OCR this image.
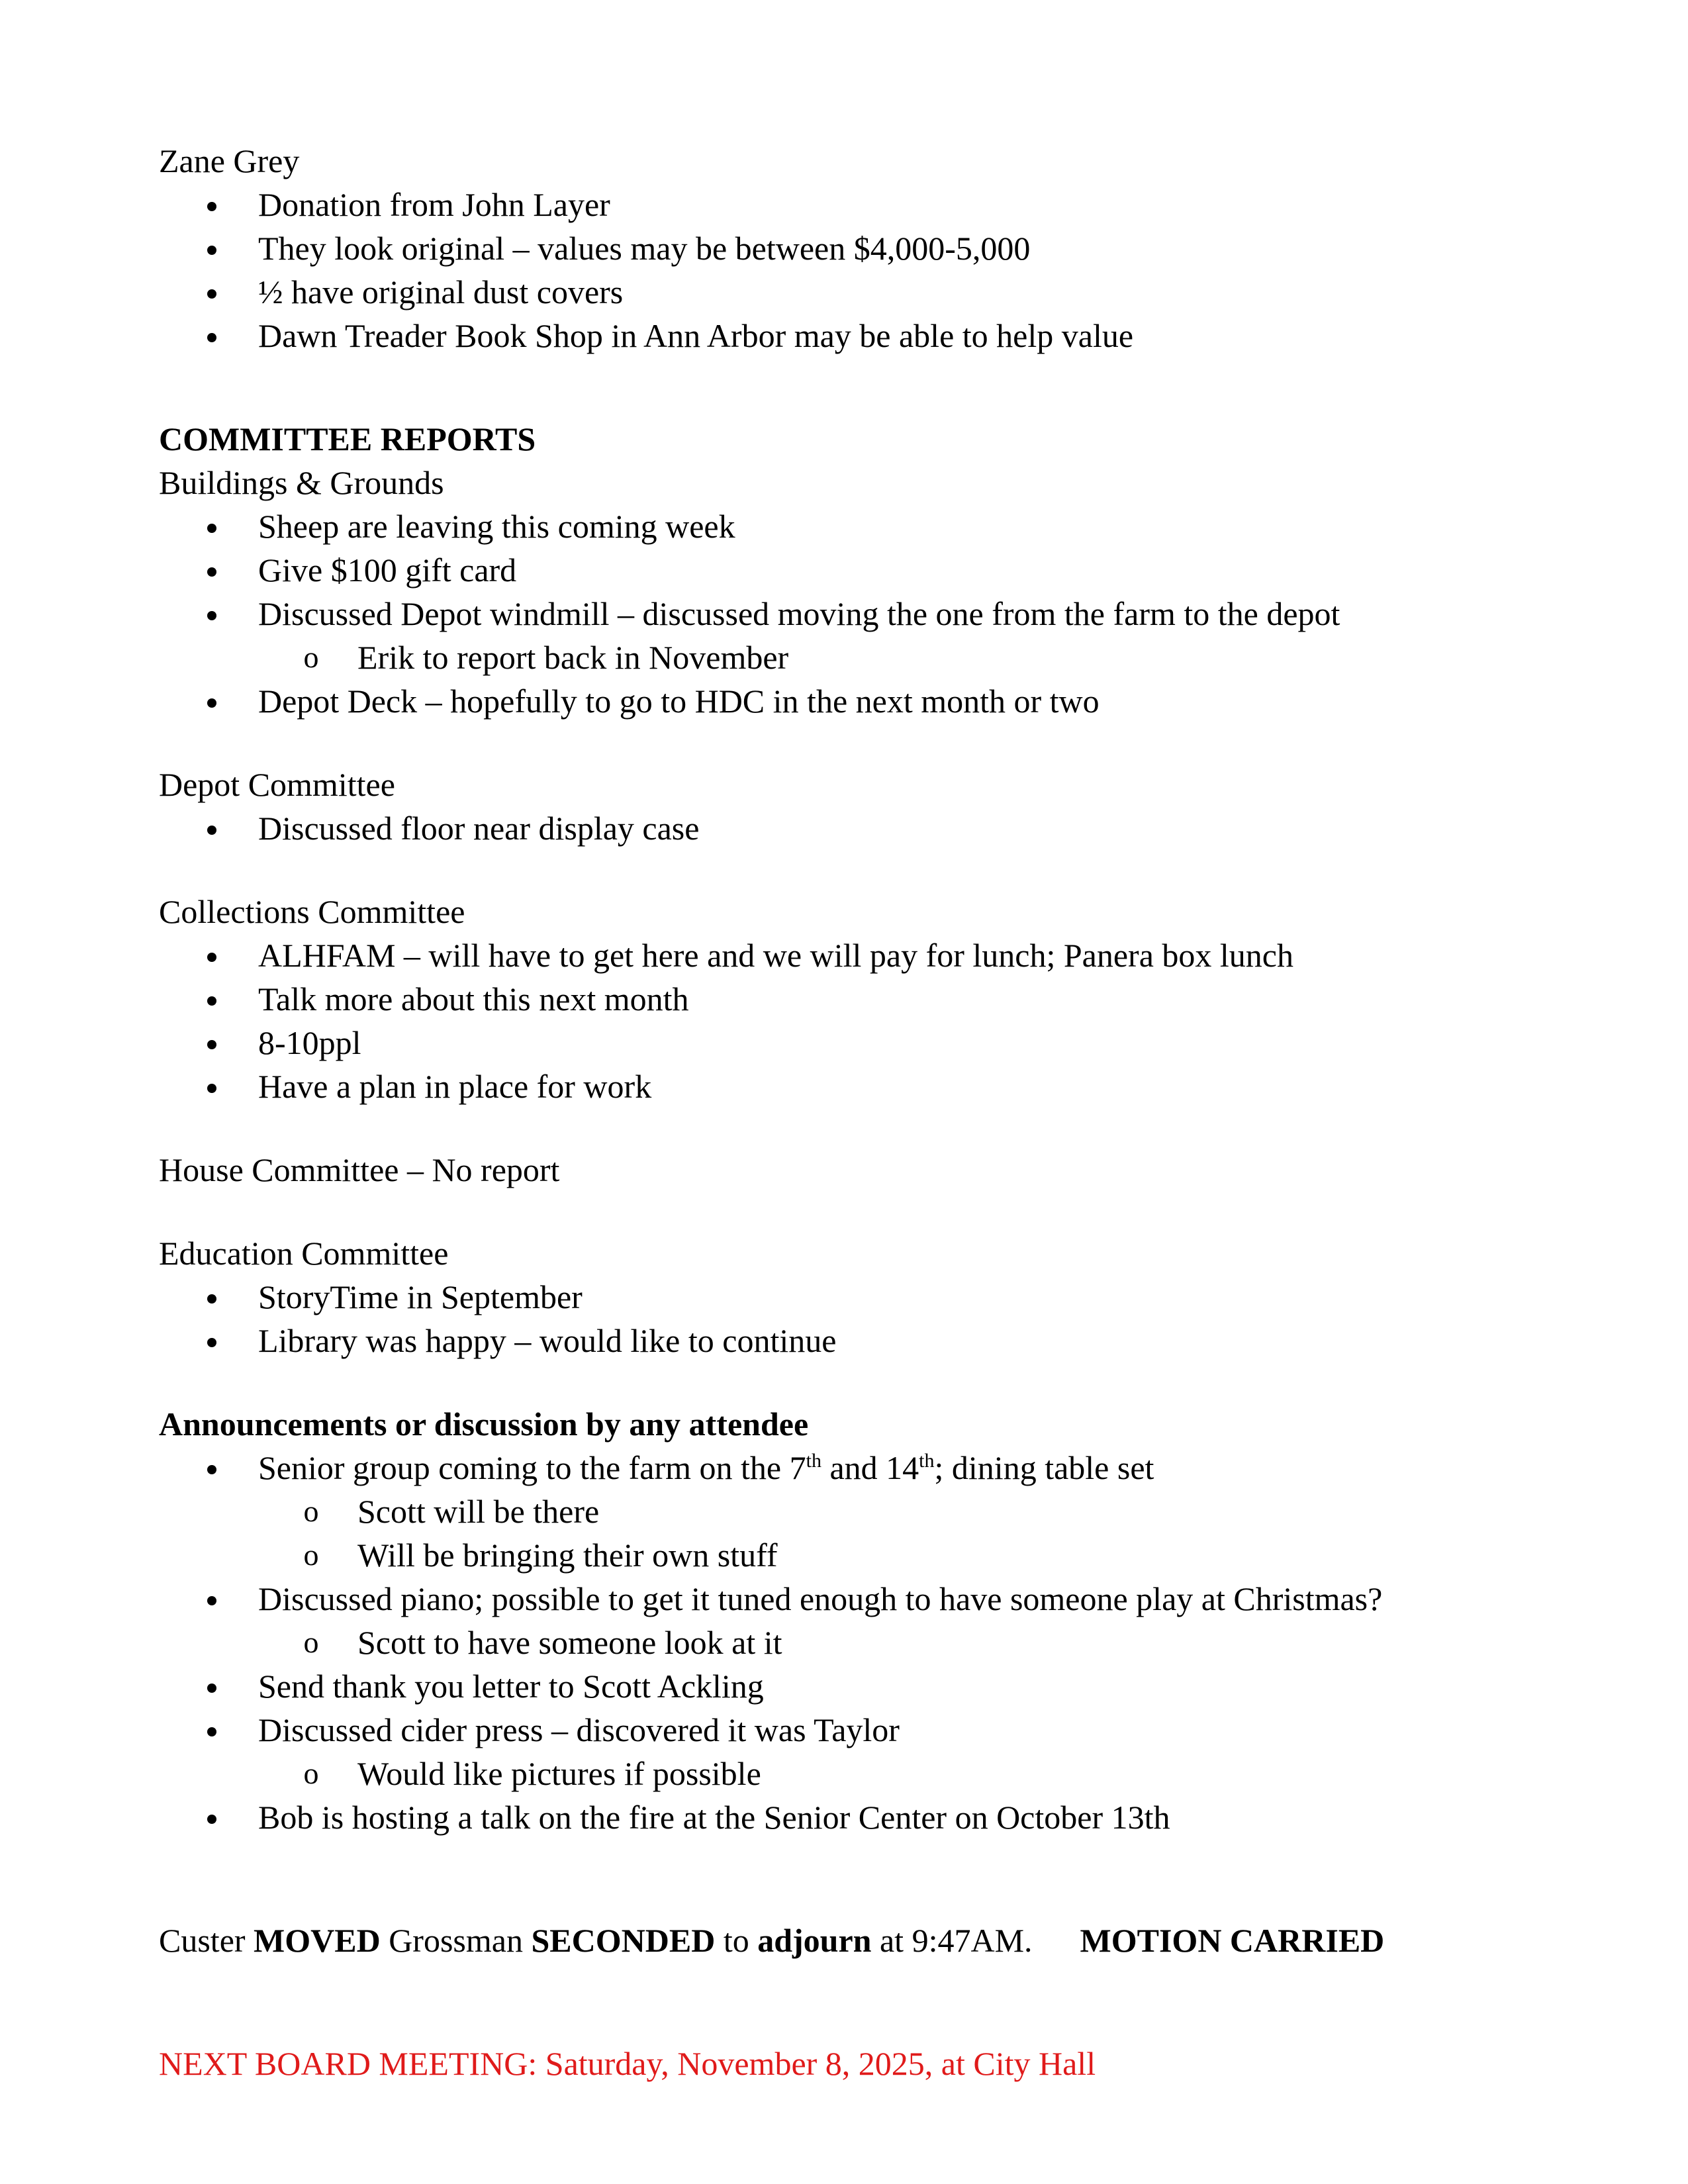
Zane Grey
Donation from John Layer
They look original – values may be between $4,000-5,000
½ have original dust covers
Dawn Treader Book Shop in Ann Arbor may be able to help value
COMMITTEE REPORTS
Buildings & Grounds
Sheep are leaving this coming week
Give $100 gift card
Discussed Depot windmill – discussed moving the one from the farm to the depot
o Erik to report back in November
Depot Deck – hopefully to go to HDC in the next month or two
Depot Committee
Discussed floor near display case
Collections Committee
ALHFAM – will have to get here and we will pay for lunch; Panera box lunch
Talk more about this next month
8-10ppl
Have a plan in place for work
House Committee – No report
Education Committee
StoryTime in September
Library was happy – would like to continue
Announcements or discussion by any attendee
Senior group coming to the farm on the 7th and 14th; dining table set
o Scott will be there
o Will be bringing their own stuff
Discussed piano; possible to get it tuned enough to have someone play at Christmas?
o Scott to have someone look at it
Send thank you letter to Scott Ackling
Discussed cider press – discovered it was Taylor
o Would like pictures if possible
Bob is hosting a talk on the fire at the Senior Center on October 13th
Custer MOVED Grossman SECONDED to adjourn at 9:47AM. MOTION CARRIED
NEXT BOARD MEETING: Saturday, November 8, 2025, at City Hall
